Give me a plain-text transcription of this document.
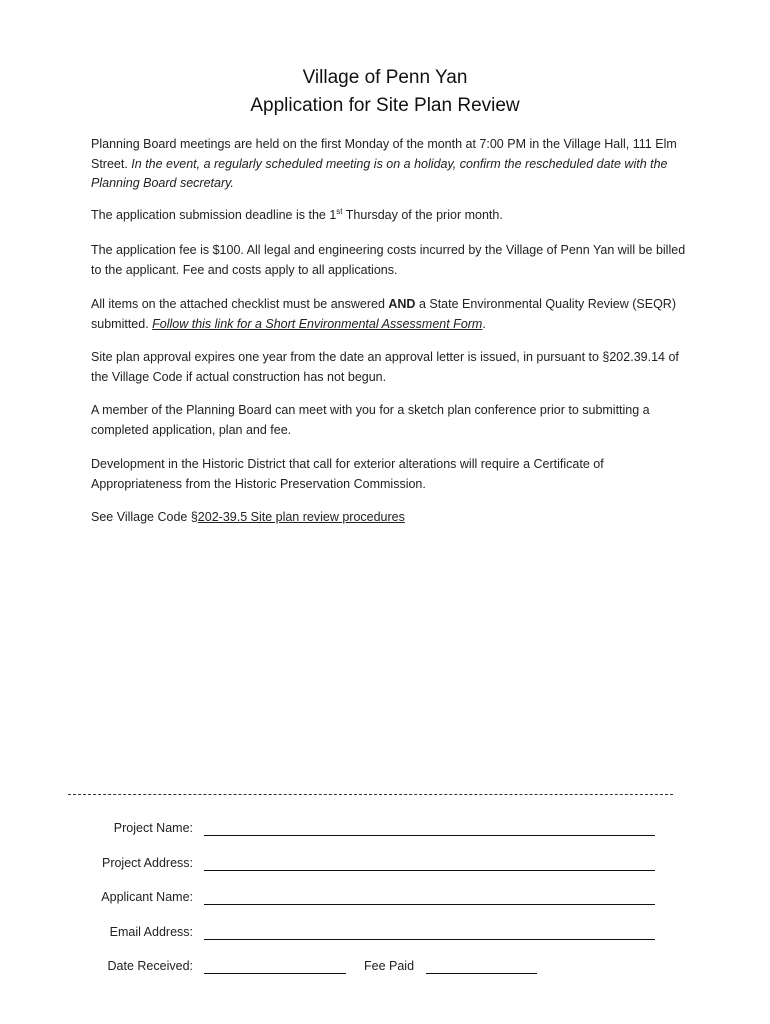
Village of Penn Yan
Application for Site Plan Review
Planning Board meetings are held on the first Monday of the month at 7:00 PM in the Village Hall, 111 Elm Street. In the event, a regularly scheduled meeting is on a holiday, confirm the rescheduled date with the Planning Board secretary.
The application submission deadline is the 1st Thursday of the prior month.
The application fee is $100. All legal and engineering costs incurred by the Village of Penn Yan will be billed to the applicant. Fee and costs apply to all applications.
All items on the attached checklist must be answered AND a State Environmental Quality Review (SEQR) submitted. Follow this link for a Short Environmental Assessment Form.
Site plan approval expires one year from the date an approval letter is issued, in pursuant to §202.39.14 of the Village Code if actual construction has not begun.
A member of the Planning Board can meet with you for a sketch plan conference prior to submitting a completed application, plan and fee.
Development in the Historic District that call for exterior alterations will require a Certificate of Appropriateness from the Historic Preservation Commission.
See Village Code §202-39.5 Site plan review procedures
Project Name:
Project Address:
Applicant Name:
Email Address:
Date Received:	Fee Paid
